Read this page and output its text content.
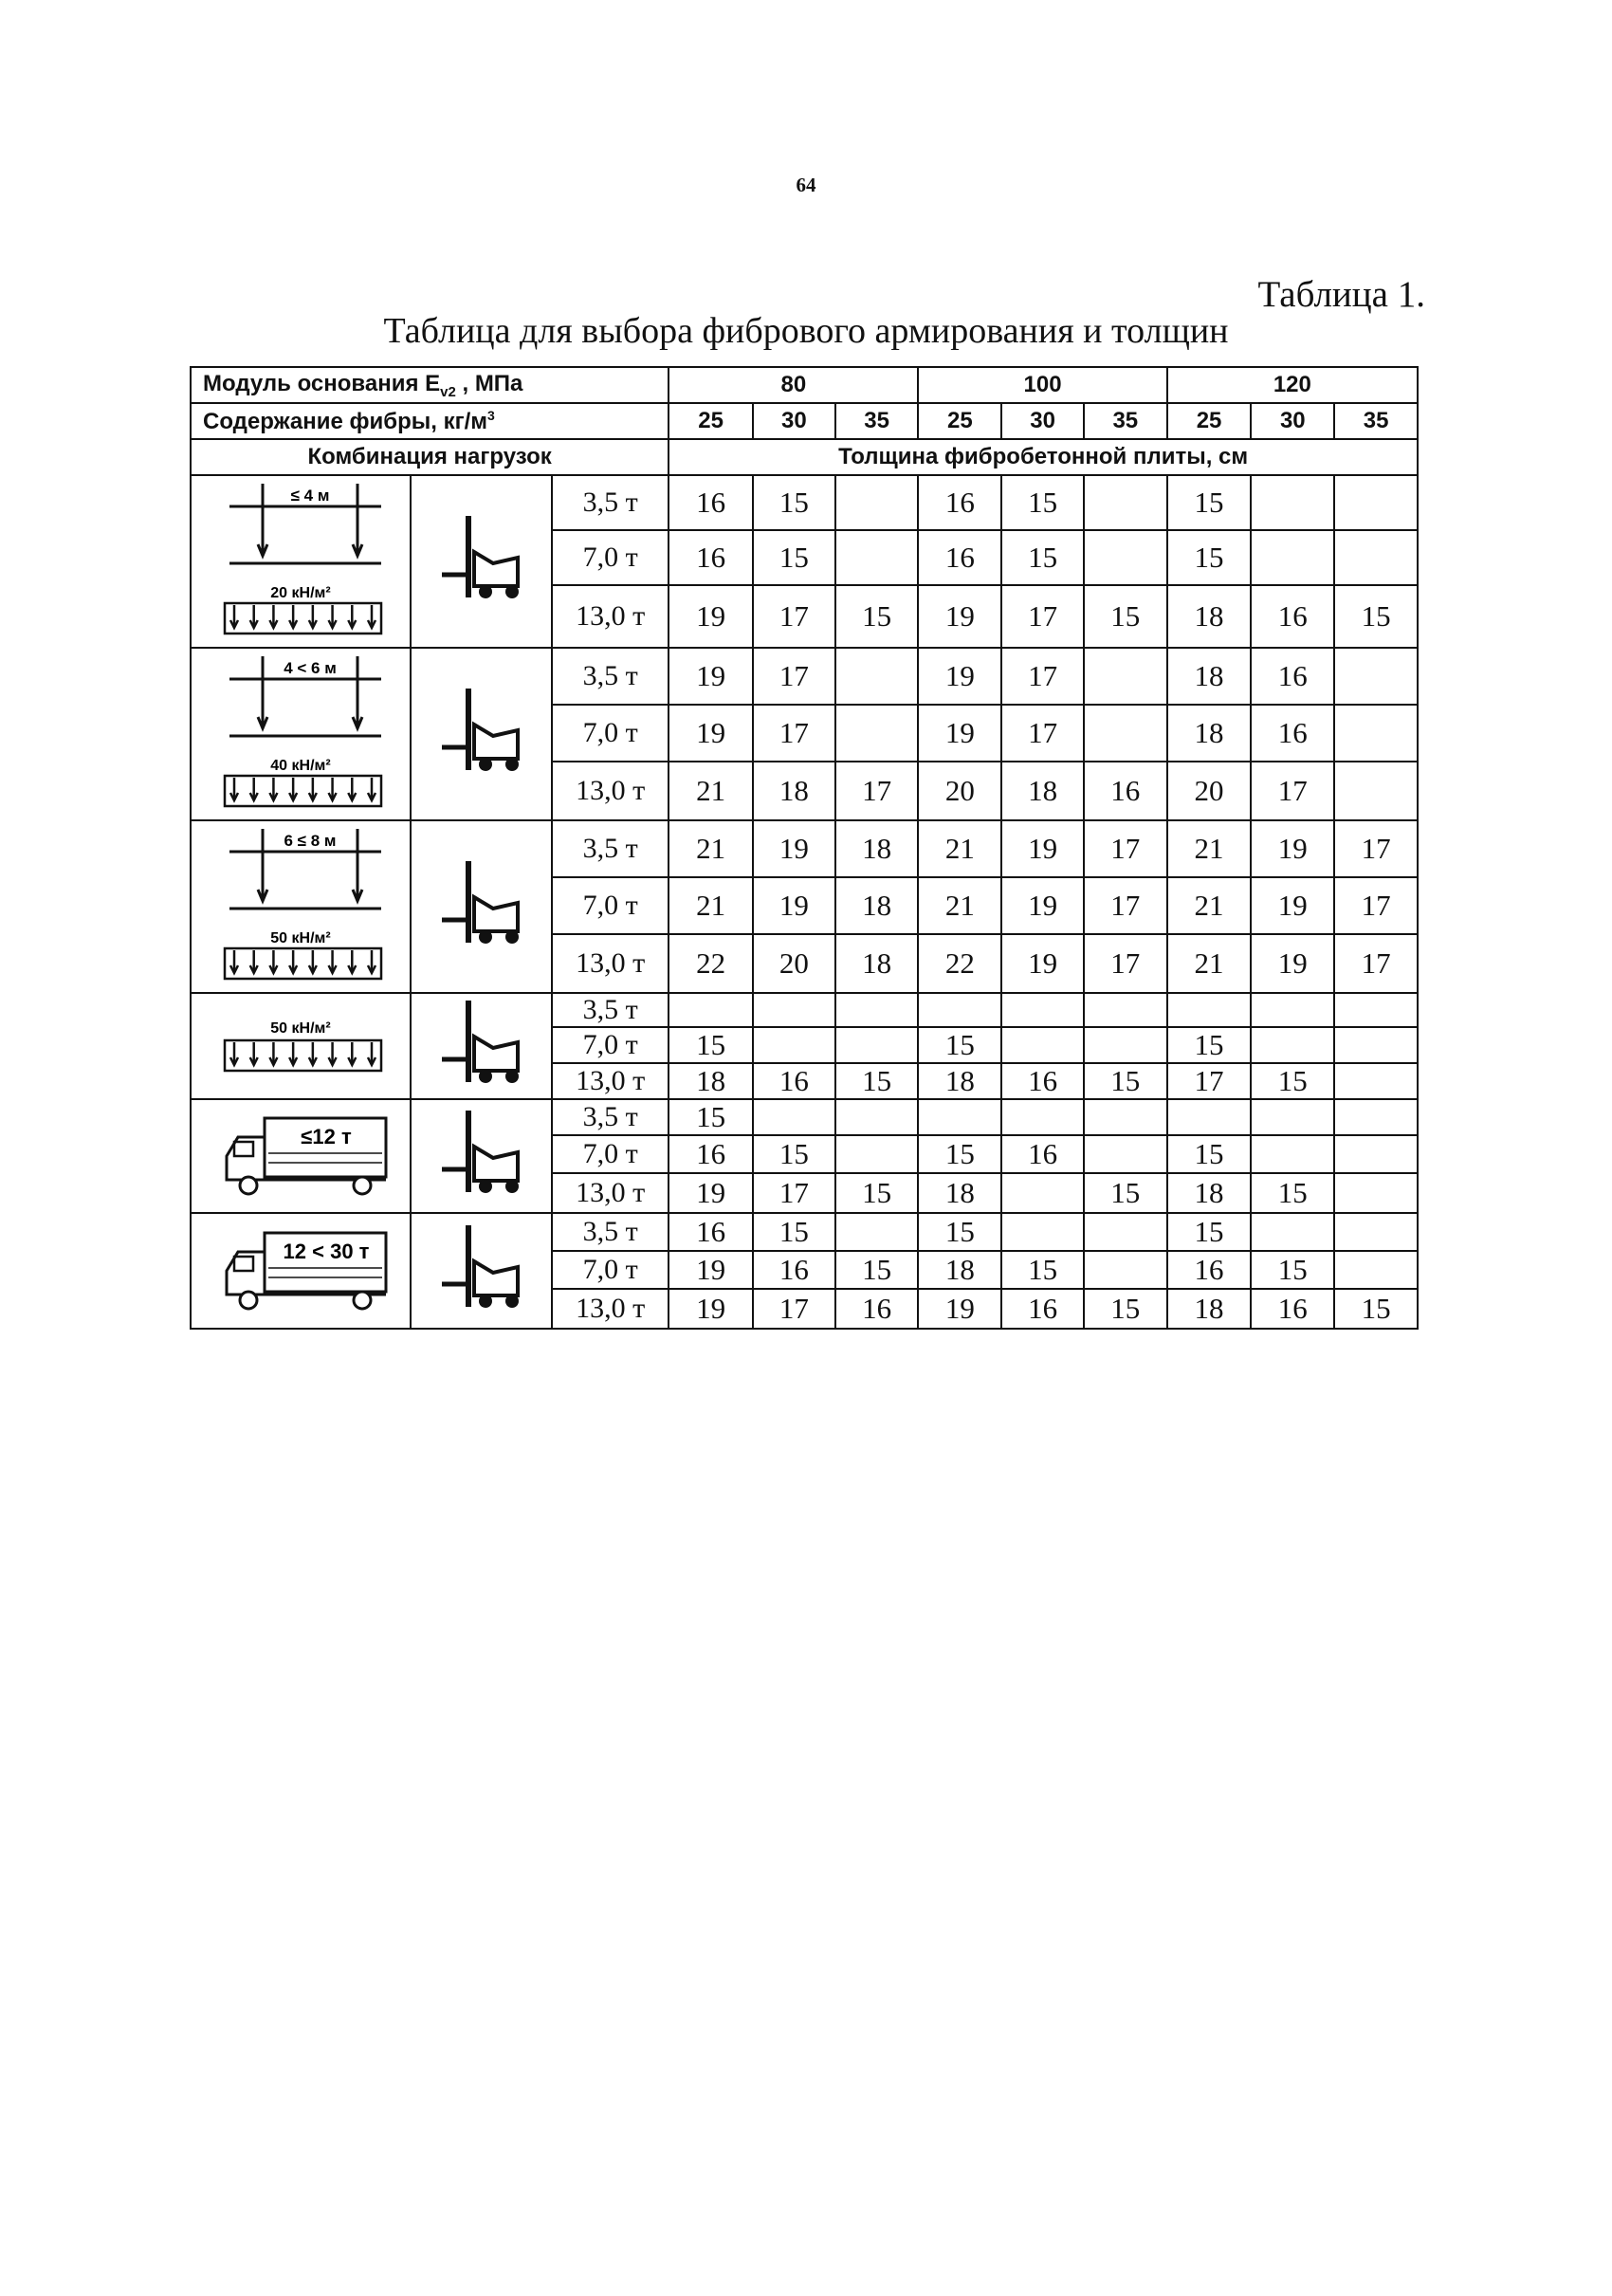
64
Таблица 1.
Таблица для выбора фибрового армирования и толщин
Модуль основания $E_{v2}$ , МПа			80			100			120		
Содержание фибры, $кг/м^3$			25	30	35	25	30	35	25	30	35
Комбинация нагрузок			Толщина фибробетонной плиты, см								

≤ 4 м
20 кН/м²		3,5 т	16	15		16	15		15		
		7,0 т	16	15		16	15		15		
		13,0 т	19	17	15	19	17	15	18	16	15

4 < 6 м
40 кН/м²		3,5 т	19	17		19	17		18	16	
		7,0 т	19	17		19	17		18	16	
		13,0 т	21	18	17	20	18	16	20	17	

6 ≤ 8 м
50 кН/м²		3,5 т	21	19	18	21	19	17	21	19	17
		7,0 т	21	19	18	21	19	17	21	19	17
		13,0 т	22	20	18	22	19	17	21	19	17

50 кН/м²		3,5 т									
		7,0 т	15			15			15		
		13,0 т	18	16	15	18	16	15	17	15	

≤12 т		3,5 т	15								
		7,0 т	16	15		15	16		15		
		13,0 т	19	17	15	18		15	18	15	

12 < 30 т		3,5 т	16	15		15			15		
		7,0 т	19	16	15	18	15		16	15	
		13,0 т	19	17	16	19	16	15	18	16	15
